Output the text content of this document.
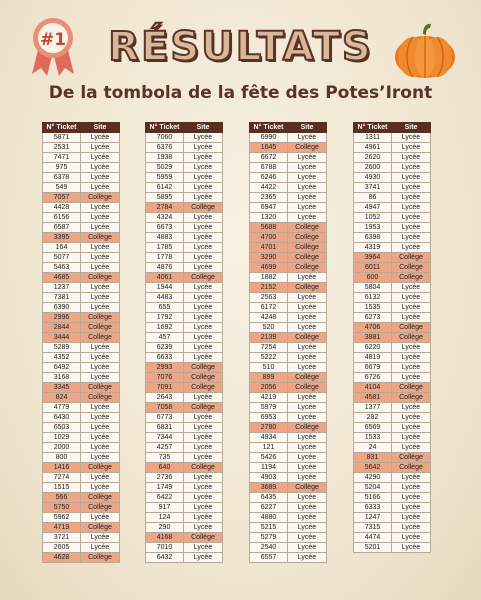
#1	RÉSULTATS
De la tombola de la fête des Potes’Iront
N° Ticket	Site
5871	Lycée
2531	Lycée
7471	Lycée
975	Lycée
6378	Lycée
549	Lycée
7057	Collège
4428	Lycée
6156	Lycée
6587	Lycée
3395	Collège
164	Lycée
5077	Lycée
5463	Lycée
4685	Collège
1237	Lycée
7381	Lycée
6390	Lycée
2996	Collège
2844	Collège
3444	Collège
5289	Lycée
4352	Lycée
6492	Lycée
3168	Lycée
3345	Collège
824	Collège
4779	Lycée
6430	Lycée
6503	Lycée
1029	Lycée
2000	Lycée
800	Lycée
1416	Collège
7274	Lycée
1515	Lycée
566	Collège
5750	Collège
5962	Lycée
4719	Collège
3721	Lycée
2605	Lycée
4628	Collège
N° Ticket	Site
7060	Lycée
6376	Lycée
1938	Lycée
5029	Lycée
5959	Lycée
6142	Lycée
5895	Lycée
2784	Collège
4324	Lycée
6673	Lycée
4883	Lycée
1785	Lycée
1778	Lycée
4876	Lycée
4061	Collège
1944	Lycée
4483	Lycée
655	Lycée
1792	Lycée
1692	Lycée
457	Lycée
6239	Lycée
6633	Lycée
2993	Collège
7076	Collège
7091	Collège
2643	Lycée
7058	Collège
6773	Lycée
6831	Lycée
7344	Lycée
4257	Lycée
735	Lycée
640	Collège
2736	Lycée
1749	Lycée
6422	Lycée
917	Lycée
124	Lycée
290	Lycée
4168	Collège
7010	Lycée
6432	Lycée
N° Ticket	Site
6990	Lycée
1645	Collège
6672	Lycée
6788	Lycée
6246	Lycée
4422	Lycée
2365	Lycée
6947	Lycée
1320	Lycée
5688	Collège
4700	Collège
4701	Collège
3290	Collège
4699	Collège
1882	Lycée
2152	Collège
2563	Lycée
6172	Lycée
4248	Lycée
520	Lycée
2139	Collège
7254	Lycée
5222	Lycée
510	Lycée
899	Collège
2056	Collège
4219	Lycée
5979	Lycée
6953	Lycée
2780	Collège
4934	Lycée
121	Lycée
5426	Lycée
1194	Lycée
4903	Lycée
3689	Collège
6435	Lycée
6227	Lycée
4880	Lycée
5215	Lycée
5279	Lycée
2540	Lycée
6557	Lycée
N° Ticket	Site
1311	Lycée
4961	Lycée
2620	Lycée
2600	Lycée
4930	Lycée
3741	Lycée
86	Lycée
4947	Lycée
1052	Lycée
1953	Lycée
6398	Lycée
4319	Lycée
3964	Collège
6011	Collège
600	Collège
5804	Lycée
6132	Lycée
1535	Lycée
6273	Lycée
4706	Collège
3881	Collège
6220	Lycée
4819	Lycée
6679	Lycée
6726	Lycée
4104	Collège
4581	Collège
1377	Lycée
282	Lycée
6569	Lycée
1533	Lycée
24	Lycée
831	Collège
5642	Collège
4290	Lycée
5204	Lycée
5166	Lycée
6333	Lycée
1247	Lycée
7315	Lycée
4474	Lycée
5201	Lycée
